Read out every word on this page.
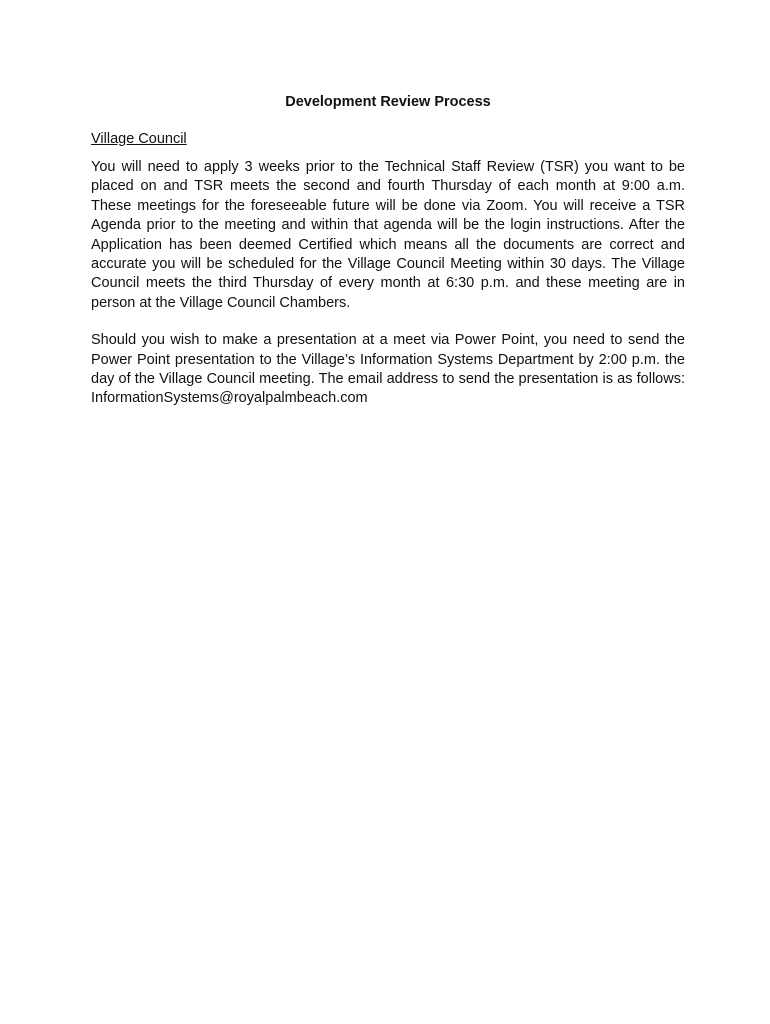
Development Review Process
Village Council

You will need to apply 3 weeks prior to the Technical Staff Review (TSR) you want to be placed on and TSR meets the second and fourth Thursday of each month at 9:00 a.m. These meetings for the foreseeable future will be done via Zoom. You will receive a TSR Agenda prior to the meeting and within that agenda will be the login instructions. After the Application has been deemed Certified which means all the documents are correct and accurate you will be scheduled for the Village Council Meeting within 30 days. The Village Council meets the third Thursday of every month at 6:30 p.m. and these meeting are in person at the Village Council Chambers.

Should you wish to make a presentation at a meet via Power Point, you need to send the Power Point presentation to the Village’s Information Systems Department by 2:00 p.m. the day of the Village Council meeting. The email address to send the presentation is as follows: InformationSystems@royalpalmbeach.com
